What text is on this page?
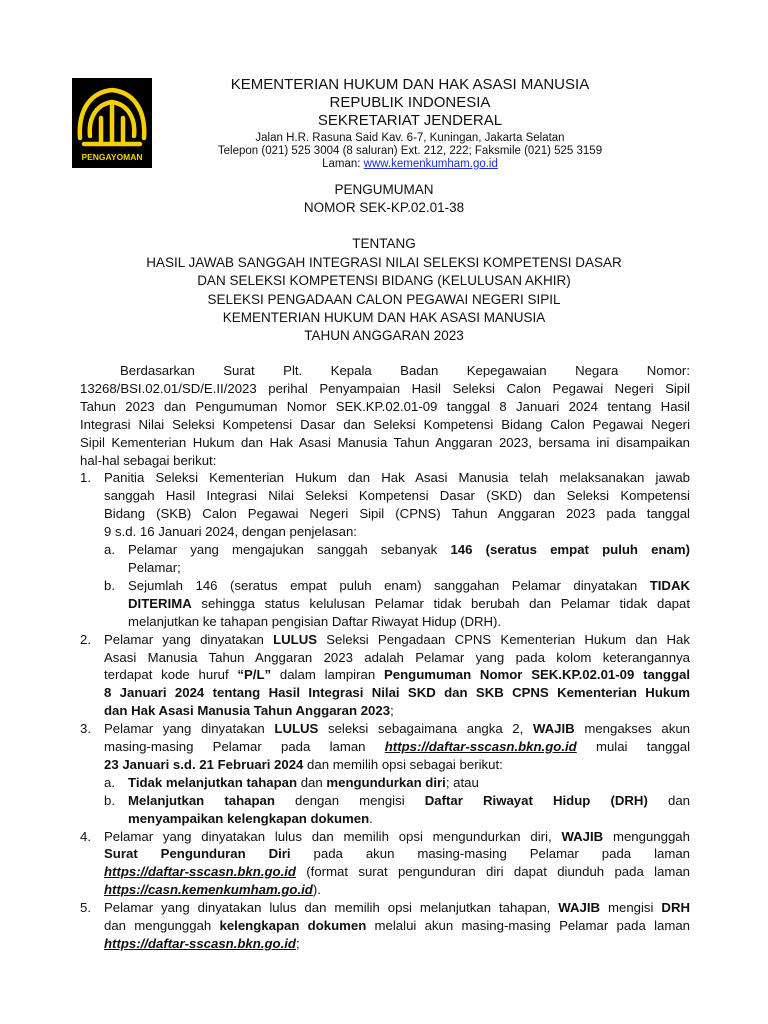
PENGAYOMAN
KEMENTERIAN HUKUM DAN HAK ASASI MANUSIA
REPUBLIK INDONESIA
SEKRETARIAT JENDERAL
Jalan H.R. Rasuna Said Kav. 6-7, Kuningan, Jakarta Selatan
Telepon (021) 525 3004 (8 saluran) Ext. 212, 222; Faksmile (021) 525 3159
Laman: www.kemenkumham.go.id
PENGUMUMAN
NOMOR SEK-KP.02.01-38
TENTANG
HASIL JAWAB SANGGAH INTEGRASI NILAI SELEKSI KOMPETENSI DASAR
DAN SELEKSI KOMPETENSI BIDANG (KELULUSAN AKHIR)
SELEKSI PENGADAAN CALON PEGAWAI NEGERI SIPIL
KEMENTERIAN HUKUM DAN HAK ASASI MANUSIA
TAHUN ANGGARAN 2023
Berdasarkan Surat Plt. Kepala Badan Kepegawaian Negara Nomor:
13268/BSI.02.01/SD/E.II/2023 perihal Penyampaian Hasil Seleksi Calon Pegawai Negeri Sipil
Tahun 2023 dan Pengumuman Nomor SEK.KP.02.01-09 tanggal 8 Januari 2024 tentang Hasil
Integrasi Nilai Seleksi Kompetensi Dasar dan Seleksi Kompetensi Bidang Calon Pegawai Negeri
Sipil Kementerian Hukum dan Hak Asasi Manusia Tahun Anggaran 2023, bersama ini disampaikan
hal-hal sebagai berikut:
1. Panitia Seleksi Kementerian Hukum dan Hak Asasi Manusia telah melaksanakan jawab
sanggah Hasil Integrasi Nilai Seleksi Kompetensi Dasar (SKD) dan Seleksi Kompetensi
Bidang (SKB) Calon Pegawai Negeri Sipil (CPNS) Tahun Anggaran 2023 pada tanggal
9 s.d. 16 Januari 2024, dengan penjelasan:
a. Pelamar yang mengajukan sanggah sebanyak 146 (seratus empat puluh enam)
Pelamar;
b. Sejumlah 146 (seratus empat puluh enam) sanggahan Pelamar dinyatakan TIDAK
DITERIMA sehingga status kelulusan Pelamar tidak berubah dan Pelamar tidak dapat
melanjutkan ke tahapan pengisian Daftar Riwayat Hidup (DRH).
2. Pelamar yang dinyatakan LULUS Seleksi Pengadaan CPNS Kementerian Hukum dan Hak
Asasi Manusia Tahun Anggaran 2023 adalah Pelamar yang pada kolom keterangannya
terdapat kode huruf “P/L” dalam lampiran Pengumuman Nomor SEK.KP.02.01-09 tanggal
8 Januari 2024 tentang Hasil Integrasi Nilai SKD dan SKB CPNS Kementerian Hukum
dan Hak Asasi Manusia Tahun Anggaran 2023;
3. Pelamar yang dinyatakan LULUS seleksi sebagaimana angka 2, WAJIB mengakses akun
masing-masing Pelamar pada laman https://daftar-sscasn.bkn.go.id mulai tanggal
23 Januari s.d. 21 Februari 2024 dan memilih opsi sebagai berikut:
a. Tidak melanjutkan tahapan dan mengundurkan diri; atau
b. Melanjutkan tahapan dengan mengisi Daftar Riwayat Hidup (DRH) dan
menyampaikan kelengkapan dokumen.
4. Pelamar yang dinyatakan lulus dan memilih opsi mengundurkan diri, WAJIB mengunggah
Surat Pengunduran Diri pada akun masing-masing Pelamar pada laman
https://daftar-sscasn.bkn.go.id (format surat pengunduran diri dapat diunduh pada laman
https://casn.kemenkumham.go.id).
5. Pelamar yang dinyatakan lulus dan memilih opsi melanjutkan tahapan, WAJIB mengisi DRH
dan mengunggah kelengkapan dokumen melalui akun masing-masing Pelamar pada laman
https://daftar-sscasn.bkn.go.id;
